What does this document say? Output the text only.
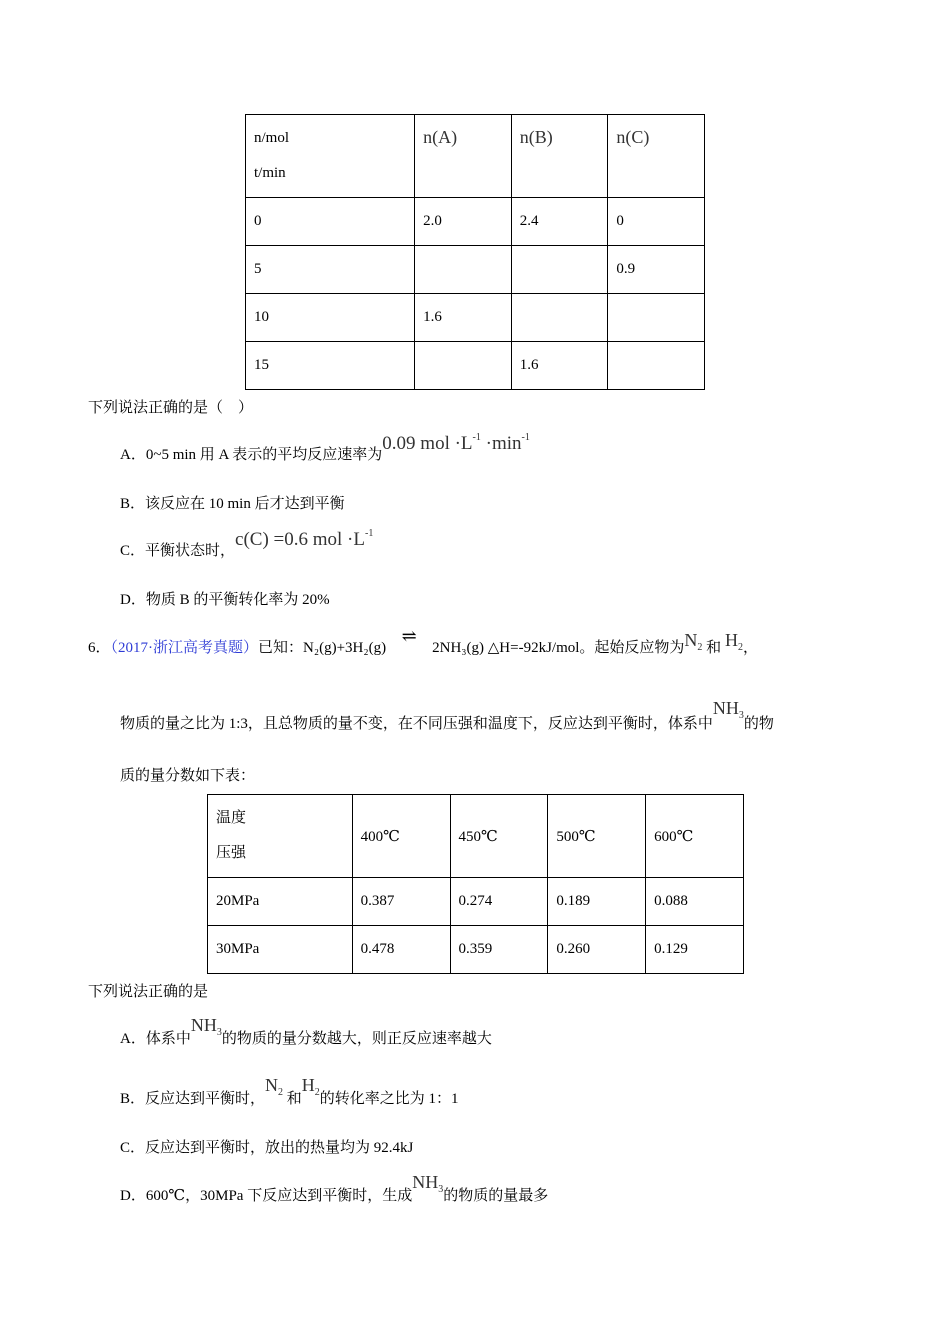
n/mol
t/min	n(A)	n(B)	n(C)
0	2.0	2.4	0
5			0.9
10	1.6		
15		1.6	
下列说法正确的是（　）
A．0~5 min 用 A 表示的平均反应速率为0.09 mol $\cdot L^{-1} \cdot\min^{-1}$
B．该反应在 10 min 后才达到平衡
C．平衡状态时，c(C) =0.6 mol $\cdot L^{-1}$
D．物质 B 的平衡转化率为 20%
6．（2017·浙江高考真题）已知：N₂(g)+3H₂(g)⇌2NH₃(g) △H=-92kJ/mol。起始反应物为$N_2$ 和 $H_2$，
物质的量之比为 1:3，且总物质的量不变，在不同压强和温度下，反应达到平衡时，体系中$NH_3$的物
质的量分数如下表：
温度
压强	400℃	450℃	500℃	600℃
20MPa	0.387	0.274	0.189	0.088
30MPa	0.478	0.359	0.260	0.129
下列说法正确的是
A．体系中$NH_3$的物质的量分数越大，则正反应速率越大
B．反应达到平衡时，$N_2$ 和$H_2$的转化率之比为 1：1
C．反应达到平衡时，放出的热量均为 92.4kJ
D．600℃，30MPa 下反应达到平衡时，生成$NH_3$的物质的量最多
